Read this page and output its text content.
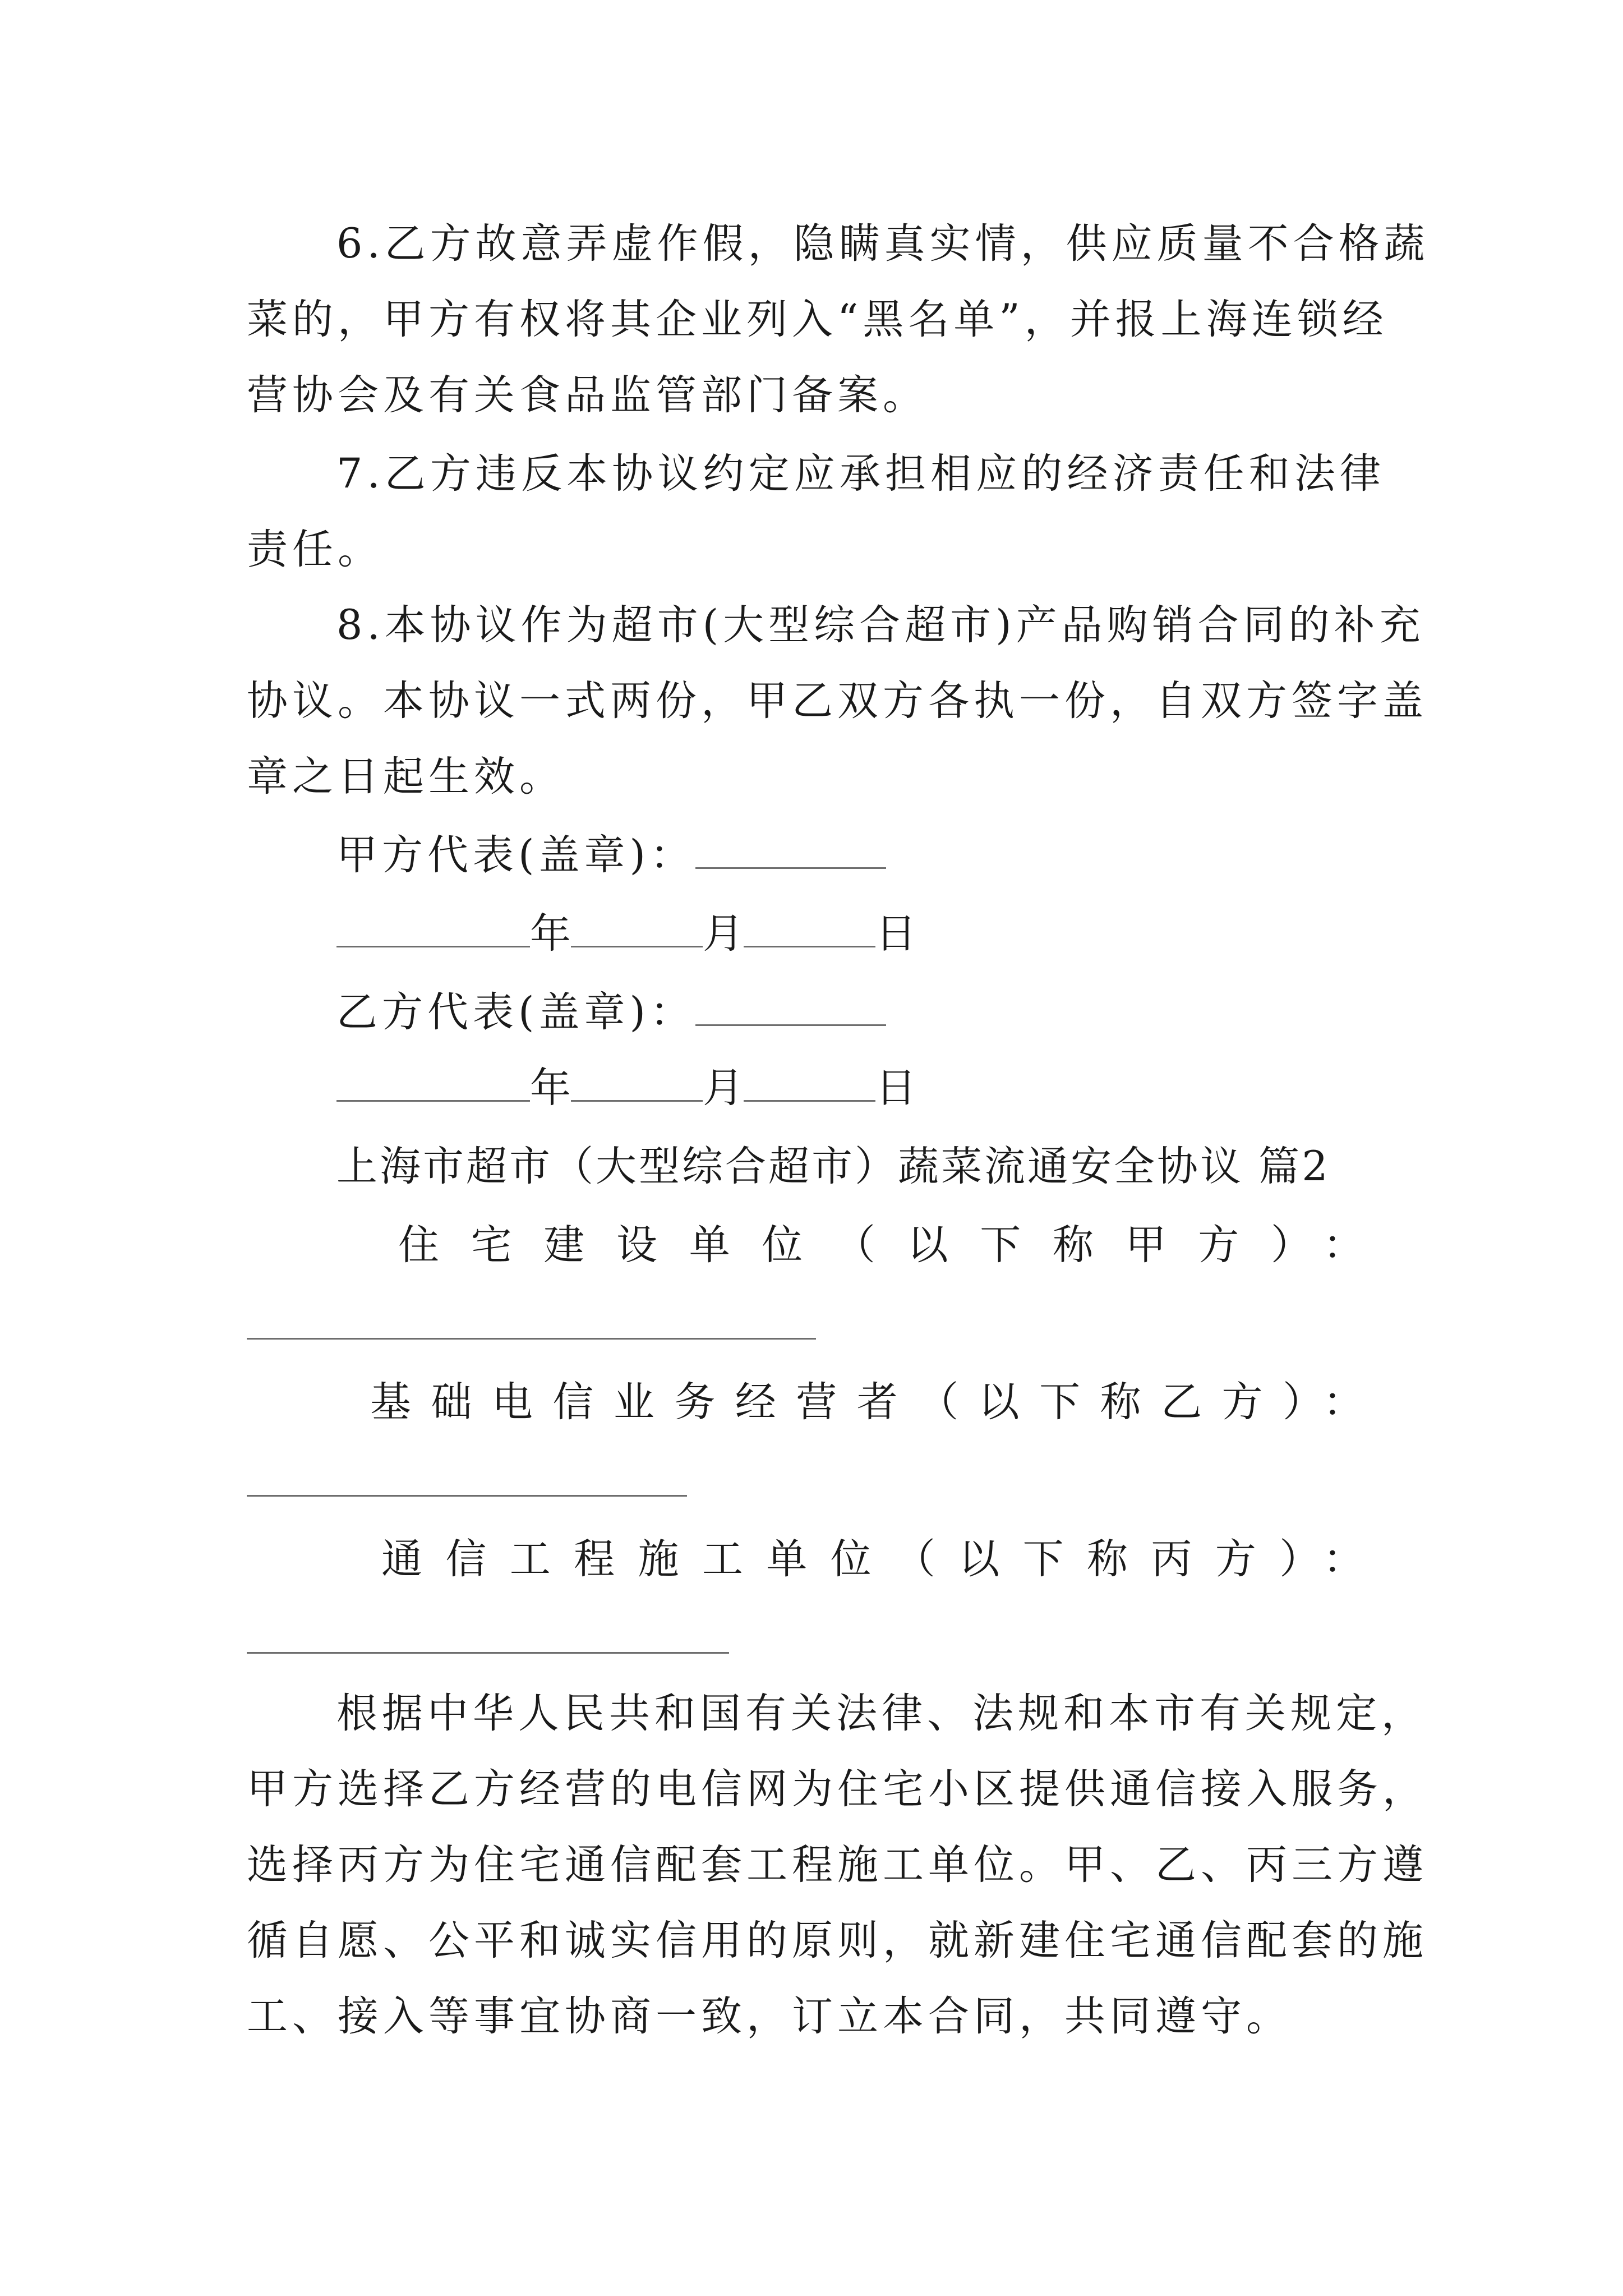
6.乙方故意弄虚作假，隐瞒真实情，供应质量不合格蔬
菜的，甲方有权将其企业列入“黑名单”，并报上海连锁经
营协会及有关食品监管部门备案。
7.乙方违反本协议约定应承担相应的经济责任和法律
责任。
8.本协议作为超市(大型综合超市)产品购销合同的补充
协议。本协议一式两份，甲乙双方各执一份，自双方签字盖
章之日起生效。
甲方代表(盖章)：
年	月	日
乙方代表(盖章)：
年	月	日
上海市超市（大型综合超市）蔬菜流通安全协议 篇2
住宅建设单位（以下称甲方）：
基础电信业务经营者（以下称乙方）：
通信工程施工单位（以下称丙方）：
根据中华人民共和国有关法律、法规和本市有关规定，
甲方选择乙方经营的电信网为住宅小区提供通信接入服务，
选择丙方为住宅通信配套工程施工单位。甲、乙、丙三方遵
循自愿、公平和诚实信用的原则，就新建住宅通信配套的施
工、接入等事宜协商一致，订立本合同，共同遵守。
